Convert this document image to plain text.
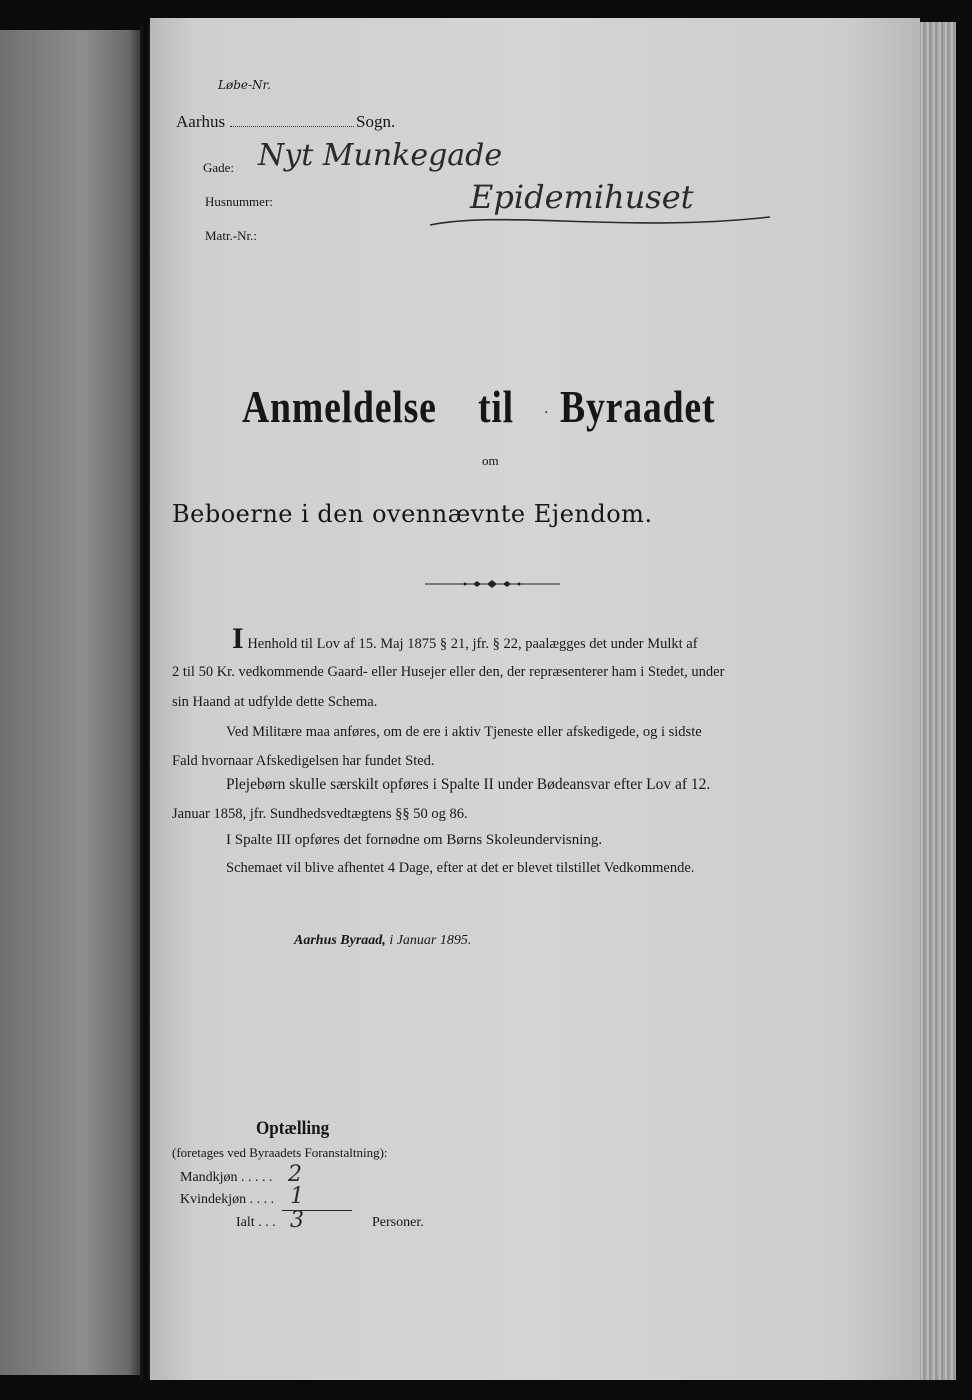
Løbe-Nr.
Aarhus	Sogn.
Gade: Nyt Munkegade
Husnummer:	Epidemihuset
Matr.-Nr.:
Anmeldelse til · Byraadet
om
Beboerne i den ovennævnte Ejendom.
I Henhold til Lov af 15. Maj 1875 § 21, jfr. § 22, paalægges det under Mulkt af
2 til 50 Kr. vedkommende Gaard- eller Husejer eller den, der repræsenterer ham i Stedet, under
sin Haand at udfylde dette Schema.
Ved Militære maa anføres, om de ere i aktiv Tjeneste eller afskedigede, og i sidste
Fald hvornaar Afskedigelsen har fundet Sted.
Plejebørn skulle særskilt opføres i Spalte II under Bødeansvar efter Lov af 12.
Januar 1858, jfr. Sundhedsvedtægtens §§ 50 og 86.
I Spalte III opføres det fornødne om Børns Skoleundervisning.
Schemaet vil blive afhentet 4 Dage, efter at det er blevet tilstillet Vedkommende.
Aarhus Byraad, i Januar 1895.
Optælling
(foretages ved Byraadets Foranstaltning):
Mandkjøn . . . . . 2
Kvindekjøn . . . . 1
Ialt . . . 3	Personer.
